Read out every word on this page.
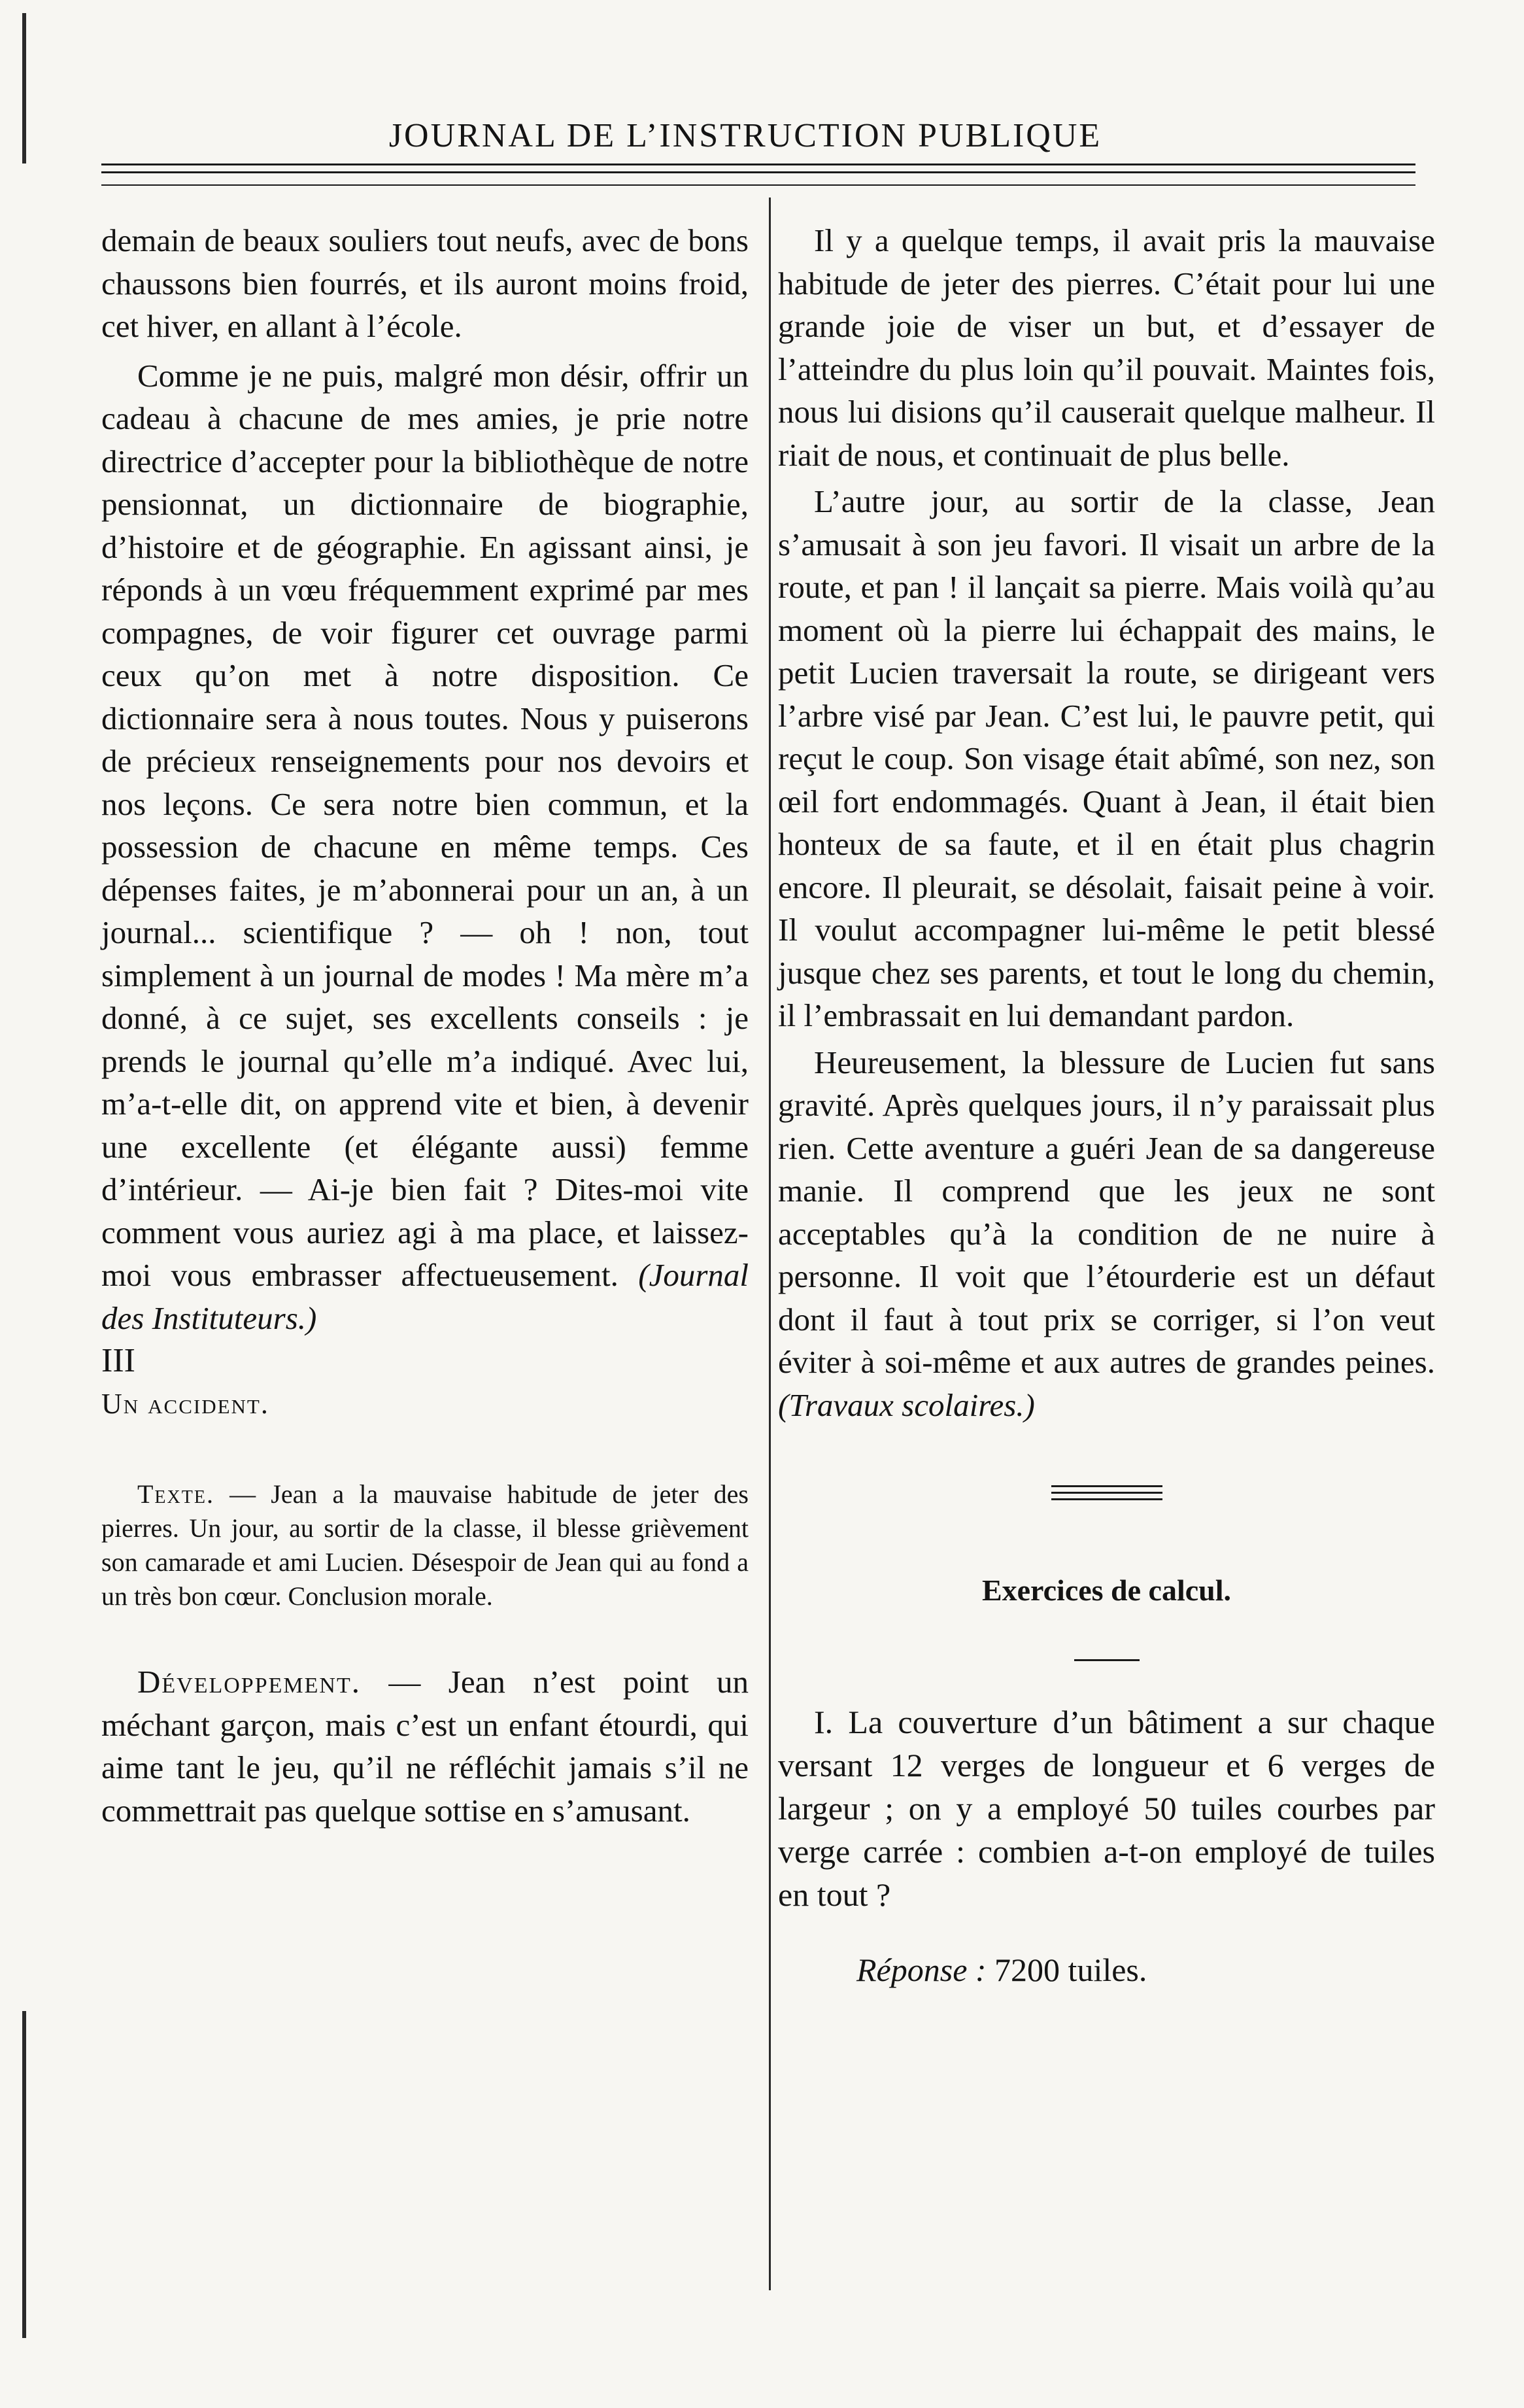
JOURNAL DE L’INSTRUCTION PUBLIQUE

demain de beaux souliers tout neufs, avec de bons chaussons bien fourrés, et ils auront moins froid, cet hiver, en allant à l’école.

Comme je ne puis, malgré mon désir, offrir un cadeau à chacune de mes amies, je prie notre directrice d’accepter pour la bibliothèque de notre pensionnat, un dictionnaire de biographie, d’histoire et de géographie. En agissant ainsi, je réponds à un vœu fréquemment exprimé par mes compagnes, de voir figurer cet ouvrage parmi ceux qu’on met à notre disposition. Ce dictionnaire sera à nous toutes. Nous y puiserons de précieux renseignements pour nos devoirs et nos leçons. Ce sera notre bien commun, et la possession de chacune en même temps. Ces dépenses faites, je m’abonnerai pour un an, à un journal... scientifique ? — oh ! non, tout simplement à un journal de modes ! Ma mère m’a donné, à ce sujet, ses excellents conseils : je prends le journal qu’elle m’a indiqué. Avec lui, m’a-t-elle dit, on apprend vite et bien, à devenir une excellente (et élégante aussi) femme d’intérieur. — Ai-je bien fait ? Dites-moi vite comment vous auriez agi à ma place, et laissez-moi vous embrasser affectueusement. (Journal des Instituteurs.)

III

Un accident.

Texte. — Jean a la mauvaise habitude de jeter des pierres. Un jour, au sortir de la classe, il blesse grièvement son camarade et ami Lucien. Désespoir de Jean qui au fond a un très bon cœur. Conclusion morale.

Développement. — Jean n’est point un méchant garçon, mais c’est un enfant étourdi, qui aime tant le jeu, qu’il ne réfléchit jamais s’il ne commettrait pas quelque sottise en s’amusant.

Il y a quelque temps, il avait pris la mauvaise habitude de jeter des pierres. C’était pour lui une grande joie de viser un but, et d’essayer de l’atteindre du plus loin qu’il pouvait. Maintes fois, nous lui disions qu’il causerait quelque malheur. Il riait de nous, et continuait de plus belle.

L’autre jour, au sortir de la classe, Jean s’amusait à son jeu favori. Il visait un arbre de la route, et pan ! il lançait sa pierre. Mais voilà qu’au moment où la pierre lui échappait des mains, le petit Lucien traversait la route, se dirigeant vers l’arbre visé par Jean. C’est lui, le pauvre petit, qui reçut le coup. Son visage était abîmé, son nez, son œil fort endommagés. Quant à Jean, il était bien honteux de sa faute, et il en était plus chagrin encore. Il pleurait, se désolait, faisait peine à voir. Il voulut accompagner lui-même le petit blessé jusque chez ses parents, et tout le long du chemin, il l’embrassait en lui demandant pardon.

Heureusement, la blessure de Lucien fut sans gravité. Après quelques jours, il n’y paraissait plus rien. Cette aventure a guéri Jean de sa dangereuse manie. Il comprend que les jeux ne sont acceptables qu’à la condition de ne nuire à personne. Il voit que l’étourderie est un défaut dont il faut à tout prix se corriger, si l’on veut éviter à soi-même et aux autres de grandes peines. (Travaux scolaires.)

Exercices de calcul.

I. La couverture d’un bâtiment a sur chaque versant 12 verges de longueur et 6 verges de largeur ; on y a employé 50 tuiles courbes par verge carrée : combien a-t-on employé de tuiles en tout ?

Réponse : 7200 tuiles.
